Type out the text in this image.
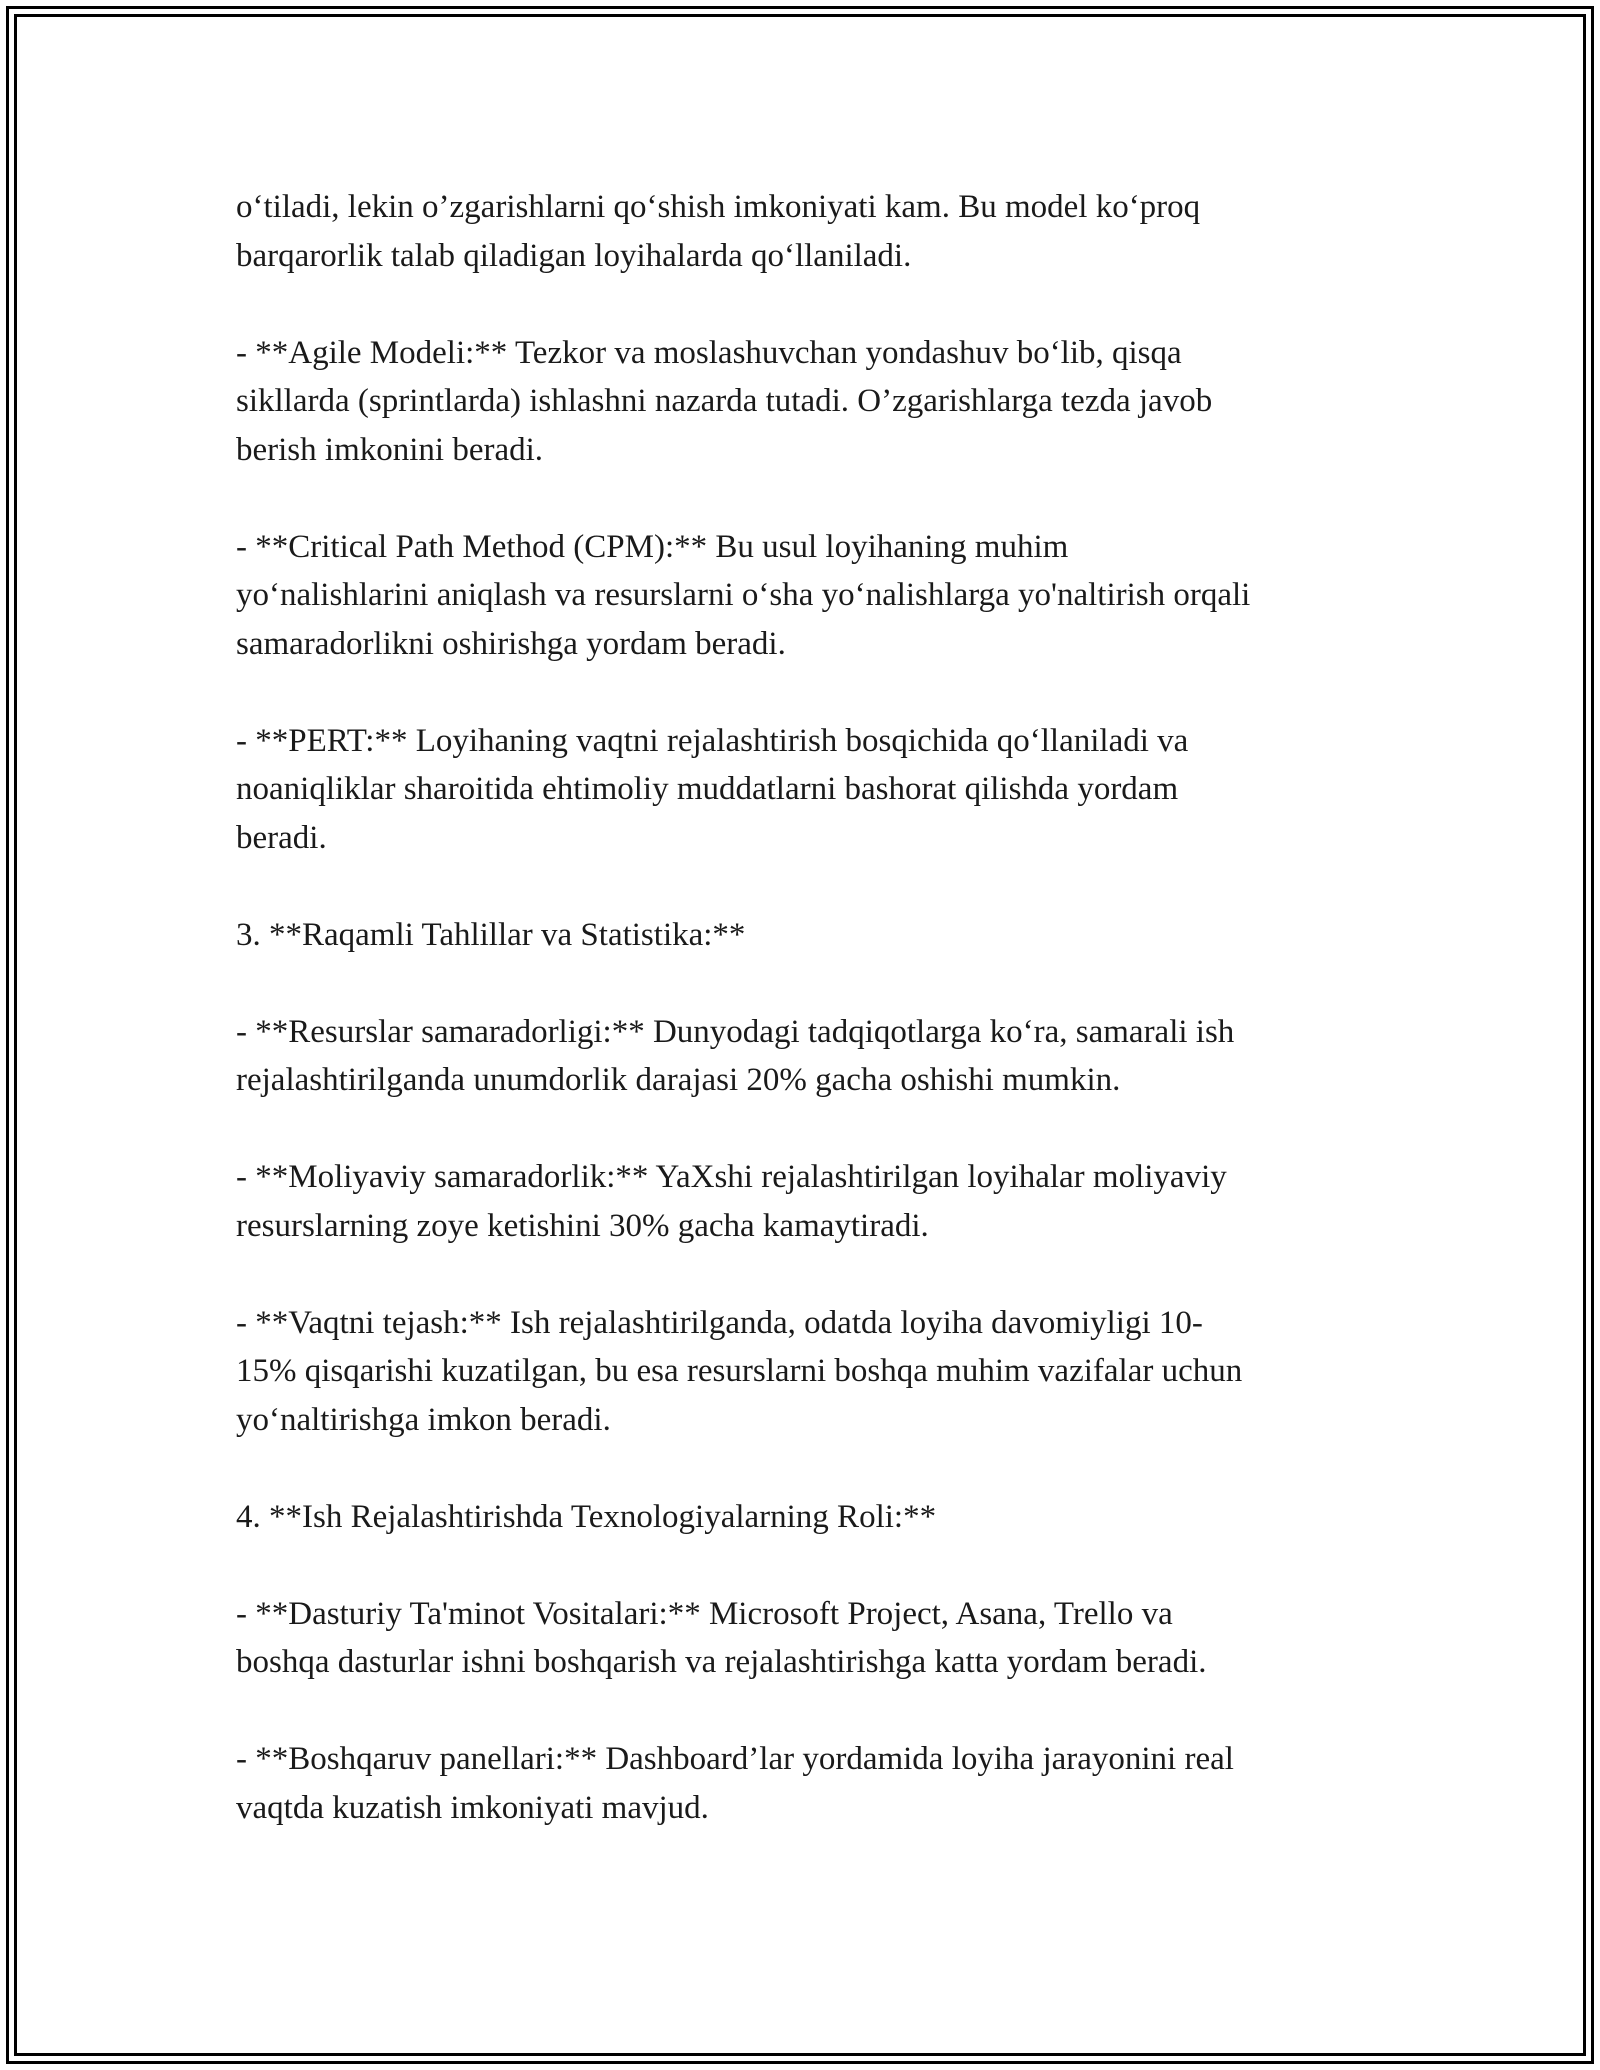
o‘tiladi, lekin o’zgarishlarni qo‘shish imkoniyati kam. Bu model ko‘proq
barqarorlik talab qiladigan loyihalarda qo‘llaniladi.

- **Agile Modeli:** Tezkor va moslashuvchan yondashuv bo‘lib, qisqa
sikllarda (sprintlarda) ishlashni nazarda tutadi. O’zgarishlarga tezda javob
berish imkonini beradi.

- **Critical Path Method (CPM):** Bu usul loyihaning muhim
yo‘nalishlarini aniqlash va resurslarni o‘sha yo‘nalishlarga yo'naltirish orqali
samaradorlikni oshirishga yordam beradi.

- **PERT:** Loyihaning vaqtni rejalashtirish bosqichida qo‘llaniladi va
noaniqliklar sharoitida ehtimoliy muddatlarni bashorat qilishda yordam
beradi.

3. **Raqamli Tahlillar va Statistika:**

- **Resurslar samaradorligi:** Dunyodagi tadqiqotlarga ko‘ra, samarali ish
rejalashtirilganda unumdorlik darajasi 20% gacha oshishi mumkin.

- **Moliyaviy samaradorlik:** YaXshi rejalashtirilgan loyihalar moliyaviy
resurslarning zoye ketishini 30% gacha kamaytiradi.

- **Vaqtni tejash:** Ish rejalashtirilganda, odatda loyiha davomiyligi 10-
15% qisqarishi kuzatilgan, bu esa resurslarni boshqa muhim vazifalar uchun
yo‘naltirishga imkon beradi.

4. **Ish Rejalashtirishda Texnologiyalarning Roli:**

- **Dasturiy Ta'minot Vositalari:** Microsoft Project, Asana, Trello va
boshqa dasturlar ishni boshqarish va rejalashtirishga katta yordam beradi.

- **Boshqaruv panellari:** Dashboard’lar yordamida loyiha jarayonini real
vaqtda kuzatish imkoniyati mavjud.
